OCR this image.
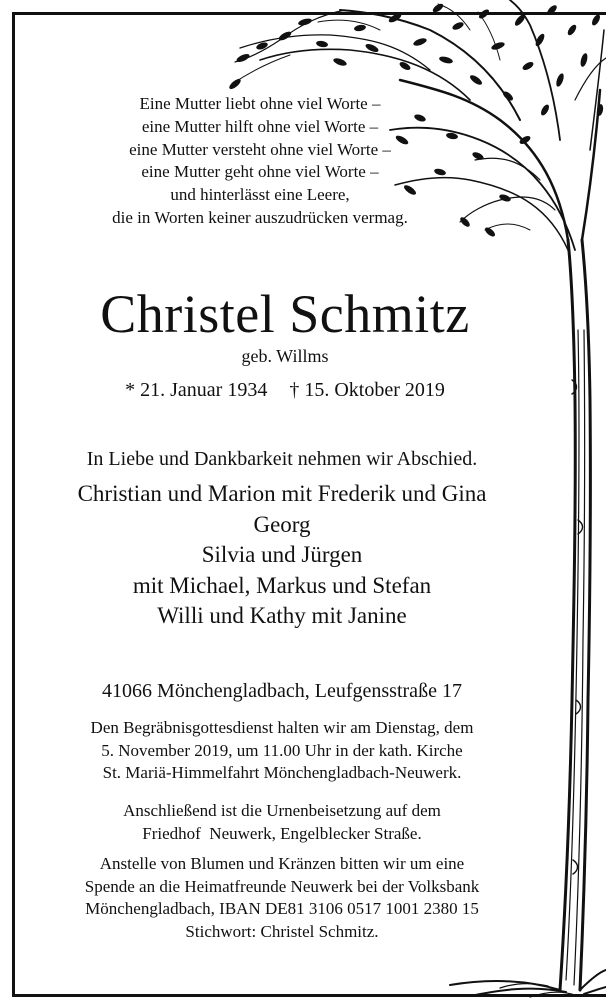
Eine Mutter liebt ohne viel Worte –
eine Mutter hilft ohne viel Worte –
eine Mutter versteht ohne viel Worte –
eine Mutter geht ohne viel Worte –
und hinterlässt eine Leere,
die in Worten keiner auszudrücken vermag.
Christel Schmitz
geb. Willms
* 21. Januar 1934 † 15. Oktober 2019
In Liebe und Dankbarkeit nehmen wir Abschied.
Christian und Marion mit Frederik und Gina
Georg
Silvia und Jürgen
mit Michael, Markus und Stefan
Willi und Kathy mit Janine
41066 Mönchengladbach, Leufgensstraße 17
Den Begräbnisgottesdienst halten wir am Dienstag, dem
5. November 2019, um 11.00 Uhr in der kath. Kirche
St. Mariä-Himmelfahrt Mönchengladbach-Neuwerk.
Anschließend ist die Urnenbeisetzung auf dem
Friedhof  Neuwerk, Engelblecker Straße.
Anstelle von Blumen und Kränzen bitten wir um eine
Spende an die Heimatfreunde Neuwerk bei der Volksbank
Mönchengladbach, IBAN DE81 3106 0517 1001 2380 15
Stichwort: Christel Schmitz.
